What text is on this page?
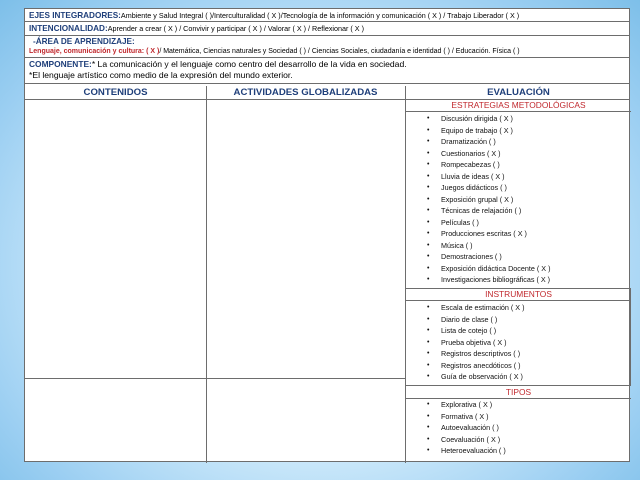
EJES INTEGRADORES:Ambiente y Salud Integral ( )/Interculturalidad ( X )/Tecnología de la información y comunicación ( X ) / Trabajo Liberador ( X )
INTENCIONALIDAD:Aprender a crear ( X ) / Convivir y participar ( X ) / Valorar ( X ) / Reflexionar ( X )
-ÁREA DE APRENDIZAJE:
Lenguaje, comunicación y cultura: ( X )/ Matemática, Ciencias naturales y Sociedad ( ) / Ciencias Sociales, ciudadanía e identidad ( ) / Educación. Física ( )
COMPONENTE:* La comunicación y el lenguaje como centro del desarrollo de la vida en sociedad.
*El lenguaje artístico como medio de la expresión del mundo exterior.
CONTENIDOS	ACTIVIDADES GLOBALIZADAS	EVALUACIÓN
ESTRATEGIAS METODOLÓGICAS
• Discusión dirigida ( X )
• Equipo de trabajo ( X )
• Dramatización ( )
• Cuestionarios ( X )
• Rompecabezas ( )
• Lluvia de ideas ( X )
• Juegos didácticos ( )
• Exposición grupal ( X )
• Técnicas de relajación ( )
• Películas ( )
• Producciones escritas ( X )
• Música ( )
• Demostraciones ( )
• Exposición didáctica Docente ( X )
• Investigaciones bibliográficas ( X )
INSTRUMENTOS
• Escala de estimación ( X )
• Diario de clase ( )
• Lista de cotejo ( )
• Prueba objetiva ( X )
• Registros descriptivos ( )
• Registros anecdóticos ( )
• Guía de observación ( X )
TIPOS
• Explorativa ( X )
• Formativa ( X )
• Autoevaluación ( )
• Coevaluación ( X )
• Heteroevaluación ( )
